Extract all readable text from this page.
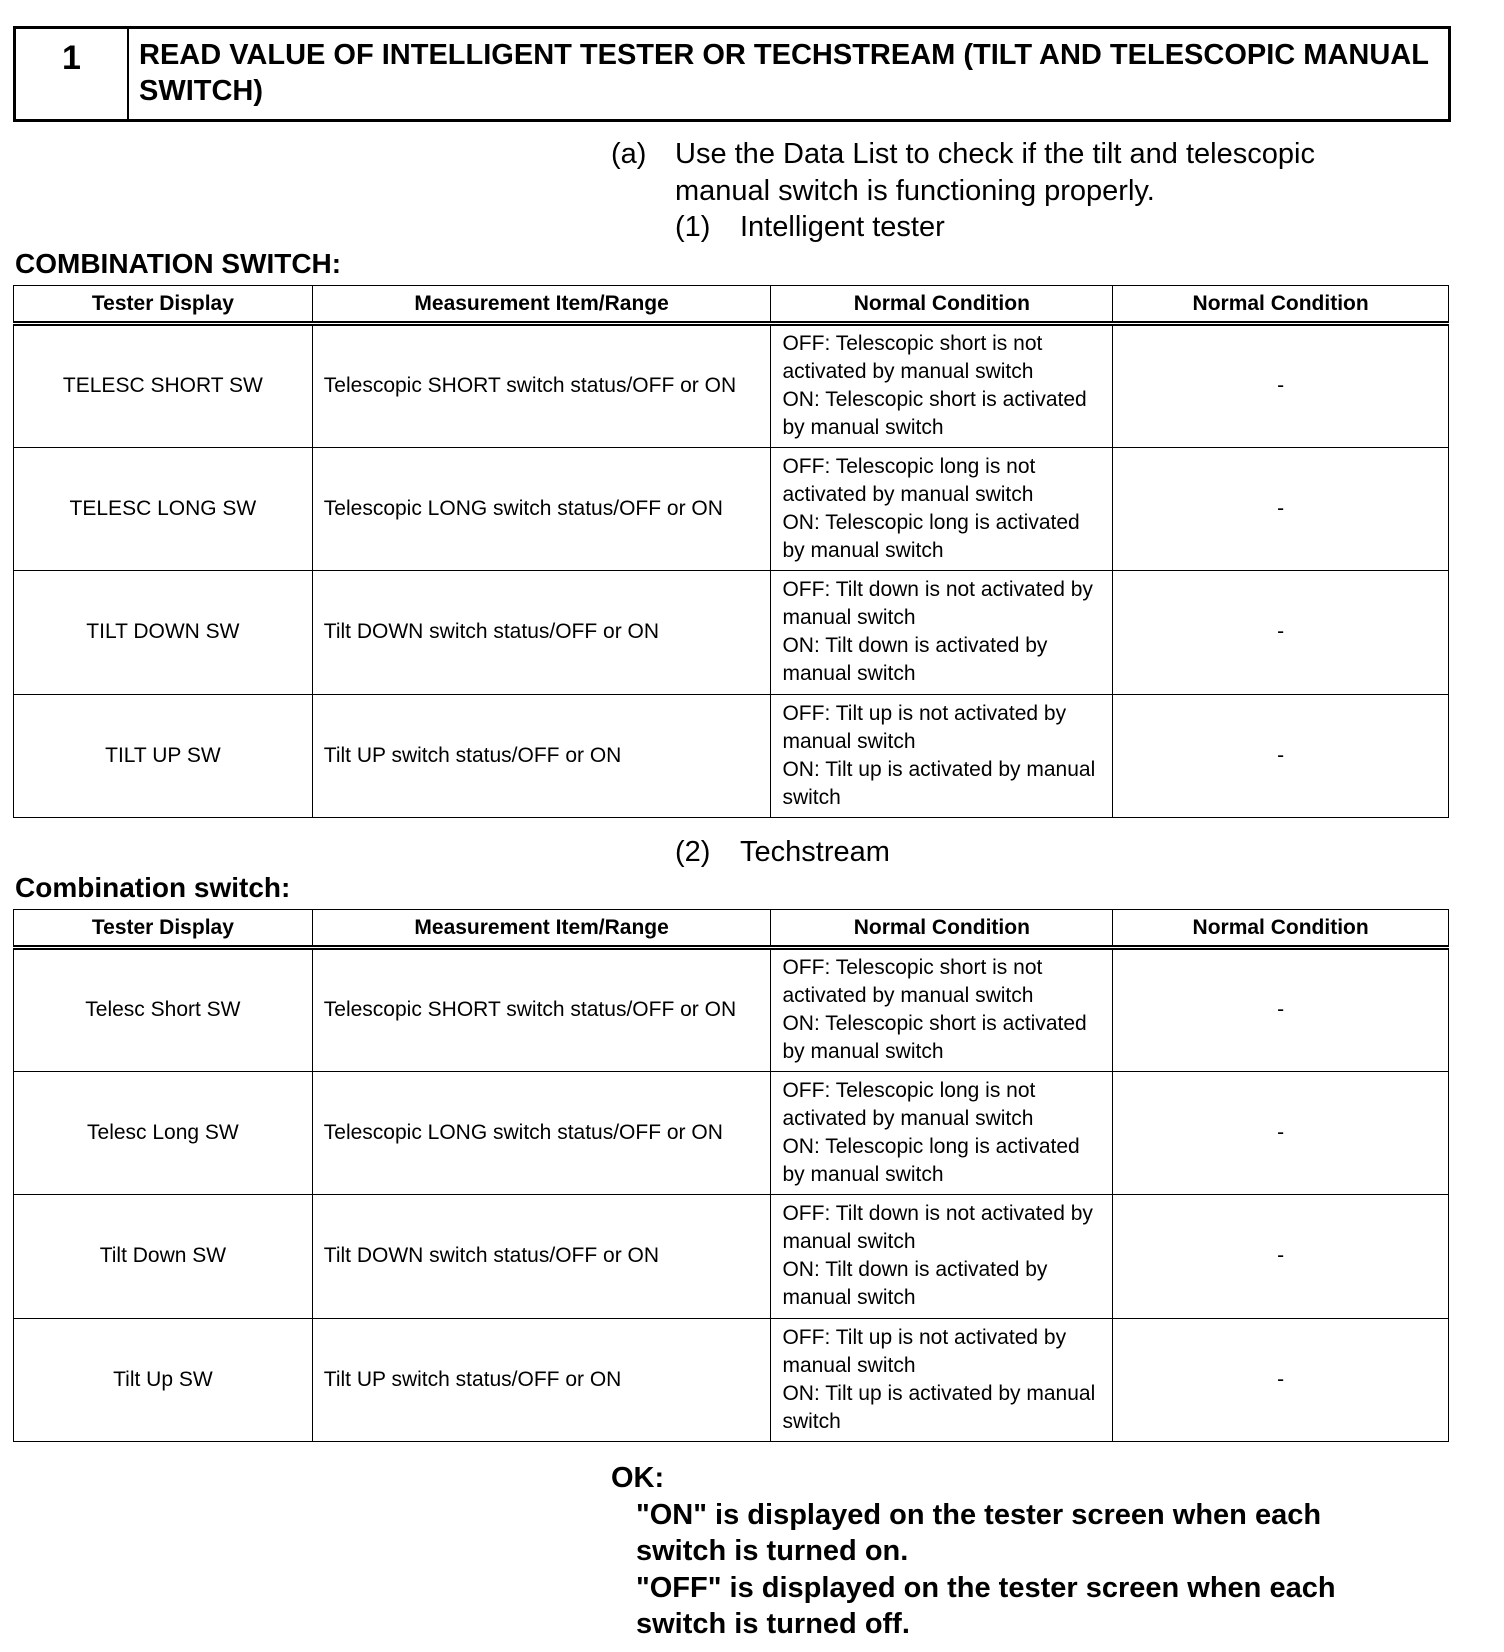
1	READ VALUE OF INTELLIGENT TESTER OR TECHSTREAM (TILT AND TELESCOPIC MANUAL SWITCH)
(a) Use the Data List to check if the tilt and telescopic
manual switch is functioning properly.
(1) Intelligent tester
COMBINATION SWITCH:
Tester Display	Measurement Item/Range	Normal Condition	Normal Condition
TELESC SHORT SW	Telescopic SHORT switch status/OFF or ON	OFF: Telescopic short is not activated by manual switch
ON: Telescopic short is activated by manual switch	-
TELESC LONG SW	Telescopic LONG switch status/OFF or ON	OFF: Telescopic long is not activated by manual switch
ON: Telescopic long is activated by manual switch	-
TILT DOWN SW	Tilt DOWN switch status/OFF or ON	OFF: Tilt down is not activated by manual switch
ON: Tilt down is activated by manual switch	-
TILT UP SW	Tilt UP switch status/OFF or ON	OFF: Tilt up is not activated by manual switch
ON: Tilt up is activated by manual switch	-
(2) Techstream
Combination switch:
Tester Display	Measurement Item/Range	Normal Condition	Normal Condition
Telesc Short SW	Telescopic SHORT switch status/OFF or ON	OFF: Telescopic short is not activated by manual switch
ON: Telescopic short is activated by manual switch	-
Telesc Long SW	Telescopic LONG switch status/OFF or ON	OFF: Telescopic long is not activated by manual switch
ON: Telescopic long is activated by manual switch	-
Tilt Down SW	Tilt DOWN switch status/OFF or ON	OFF: Tilt down is not activated by manual switch
ON: Tilt down is activated by manual switch	-
Tilt Up SW	Tilt UP switch status/OFF or ON	OFF: Tilt up is not activated by manual switch
ON: Tilt up is activated by manual switch	-
OK:
"ON" is displayed on the tester screen when each switch is turned on.
"OFF" is displayed on the tester screen when each switch is turned off.
